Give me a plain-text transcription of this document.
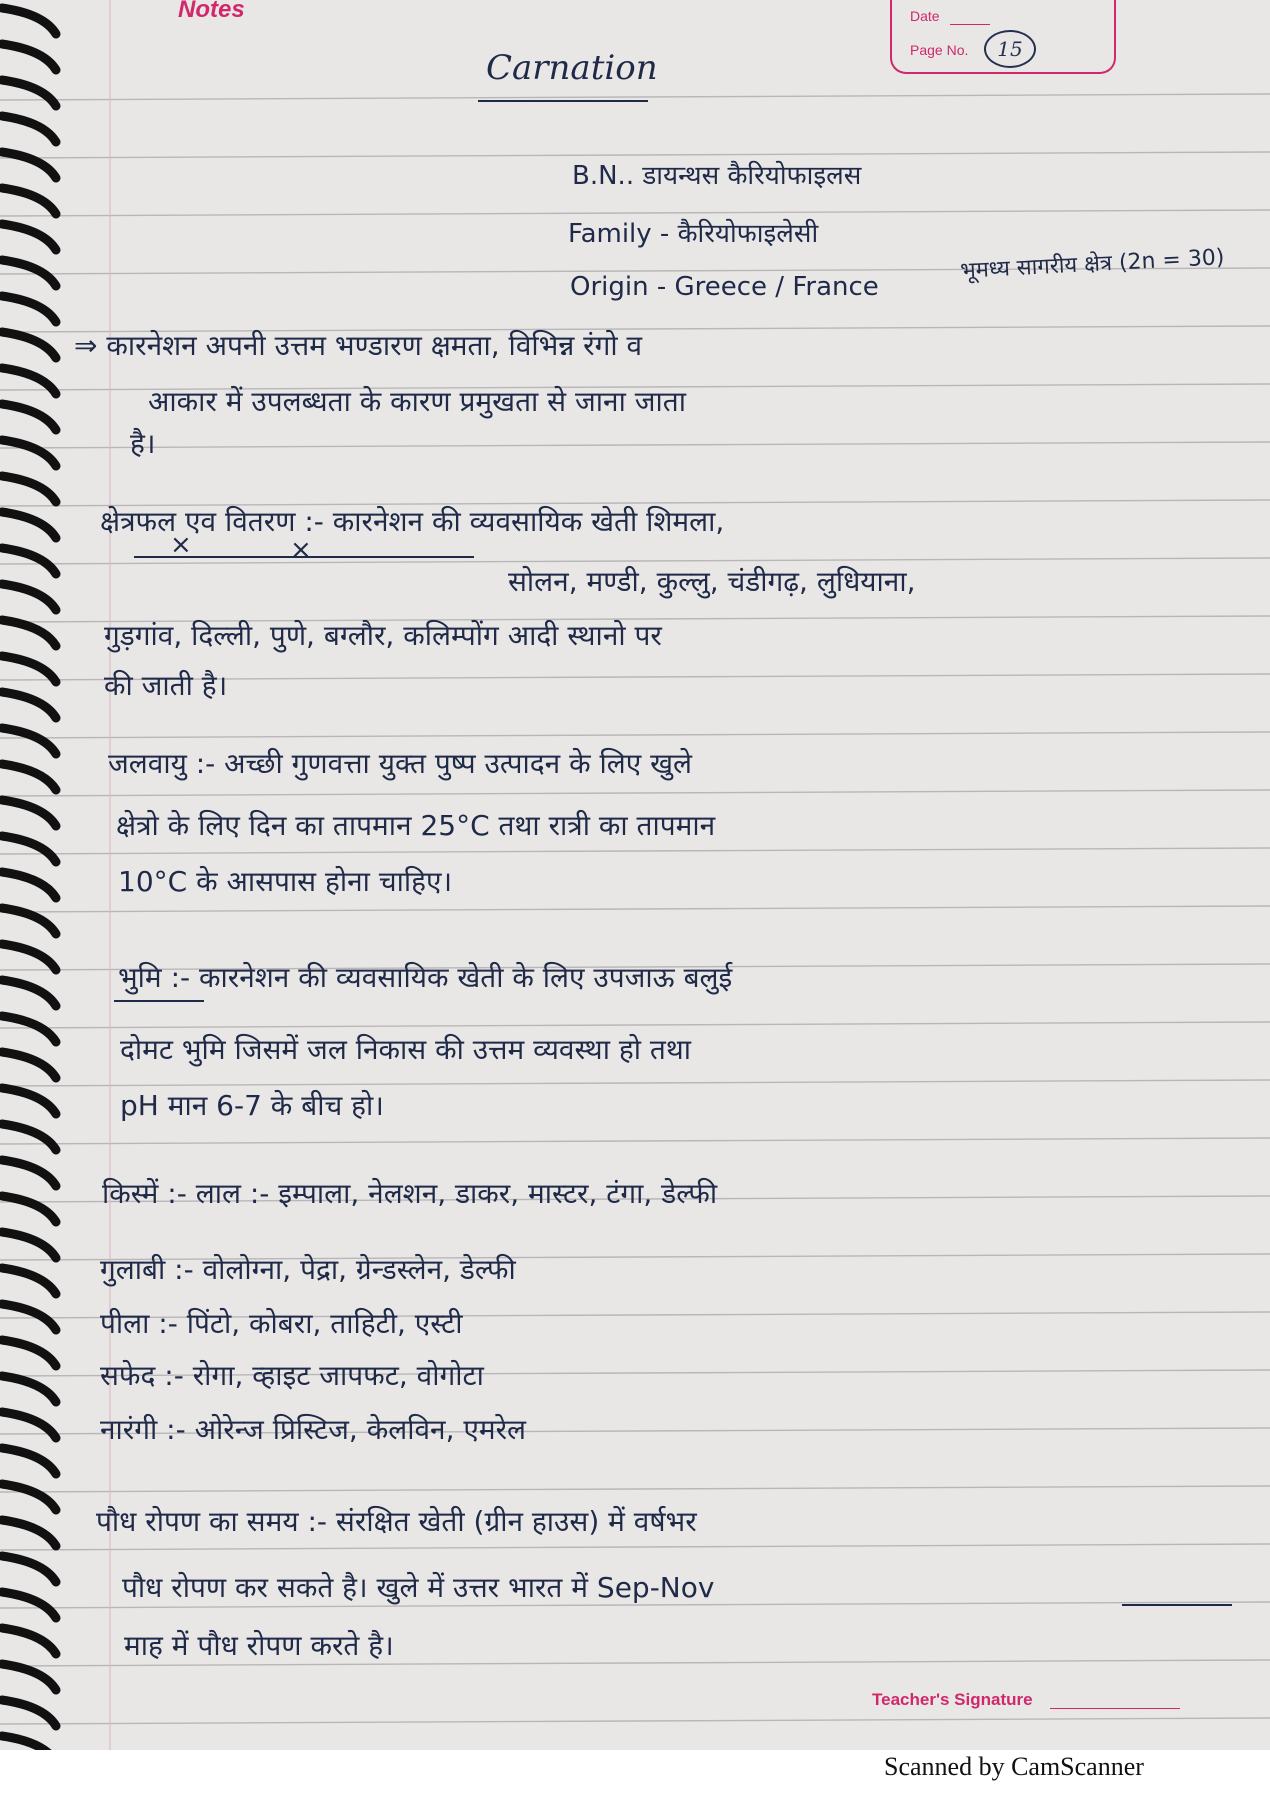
Notes	Date
Page No.	15
Carnation
B.N.. डायन्थस कैरियोफाइलस
Family - कैरियोफाइलेसी
Origin - Greece / France
भूमध्य सागरीय क्षेत्र (2n = 30)
⇒ कारनेशन अपनी उत्तम भण्डारण क्षमता, विभिन्न रंगो व
आकार में उपलब्धता के कारण प्रमुखता से जाना जाता
है।
क्षेत्रफल एव वितरण :- कारनेशन की व्यवसायिक खेती शिमला,
×	×
सोलन, मण्डी, कुल्लु, चंडीगढ़, लुधियाना,
गुड़गांव, दिल्ली, पुणे, बग्लौर, कलिम्पोंग आदी स्थानो पर
की जाती है।
जलवायु :- अच्छी गुणवत्ता युक्त पुष्प उत्पादन के लिए खुले
क्षेत्रो के लिए दिन का तापमान 25°C तथा रात्री का तापमान
10°C के आसपास होना चाहिए।
भुमि :- कारनेशन की व्यवसायिक खेती के लिए उपजाऊ बलुई
दोमट भुमि जिसमें जल निकास की उत्तम व्यवस्था हो तथा
pH मान 6-7 के बीच हो।
किस्में :- लाल :- इम्पाला, नेलशन, डाकर, मास्टर, टंगा, डेल्फी
गुलाबी :- वोलोग्ना, पेद्रा, ग्रेन्डस्लेन, डेल्फी
पीला :- पिंटो, कोबरा, ताहिटी, एस्टी
सफेद :- रोगा, व्हाइट जापफट, वोगोटा
नारंगी :- ओरेन्ज प्रिस्टिज, केलविन, एमरेल
पौध रोपण का समय :- संरक्षित खेती (ग्रीन हाउस) में वर्षभर
पौध रोपण कर सकते है। खुले में उत्तर भारत में Sep-Nov
माह में पौध रोपण करते है।
Teacher's Signature
Scanned by CamScanner
